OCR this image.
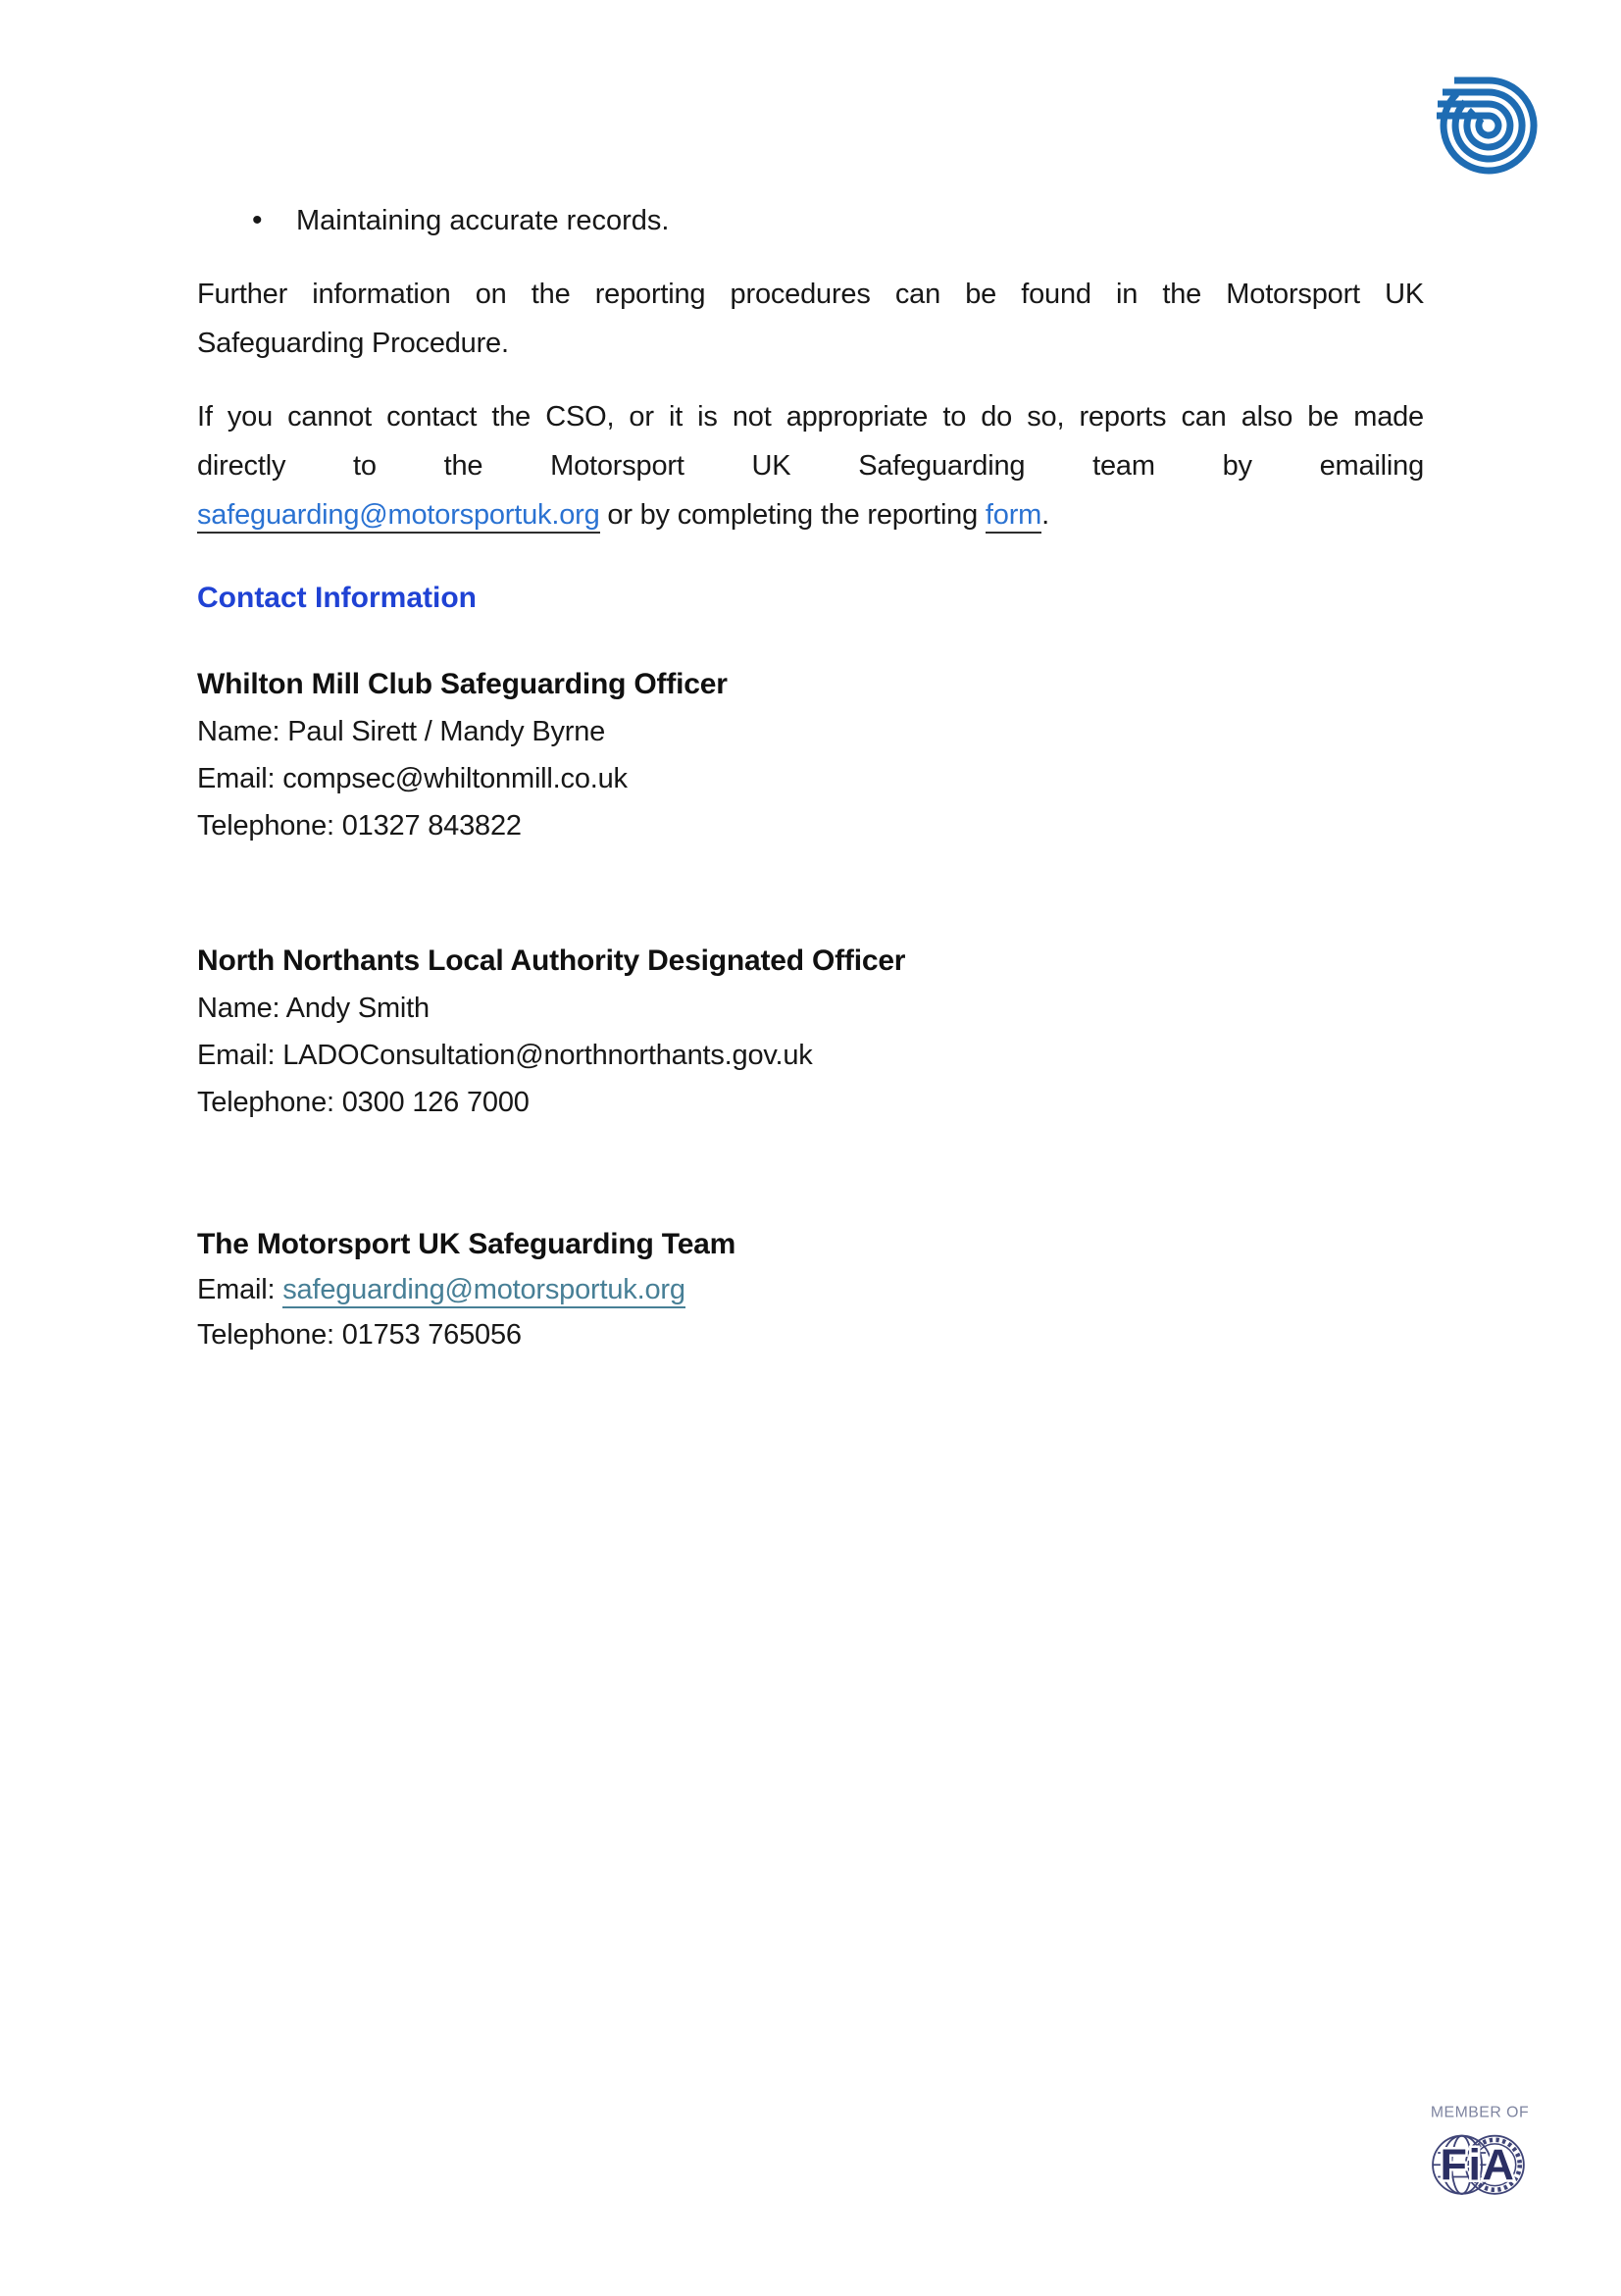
• Maintaining accurate records.
Further information on the reporting procedures can be found in the Motorsport UK
Safeguarding Procedure.
If you cannot contact the CSO, or it is not appropriate to do so, reports can also be made
directly to the Motorsport UK Safeguarding team by emailing
safeguarding@motorsportuk.org or by completing the reporting form.
Contact Information
Whilton Mill Club Safeguarding Officer
Name: Paul Sirett / Mandy Byrne
Email: compsec@whiltonmill.co.uk
Telephone: 01327 843822
North Northants Local Authority Designated Officer
Name: Andy Smith
Email: LADOConsultation@northnorthants.gov.uk
Telephone: 0300 126 7000
The Motorsport UK Safeguarding Team
Email: safeguarding@motorsportuk.org
Telephone: 01753 765056
MEMBER OF
FiA
